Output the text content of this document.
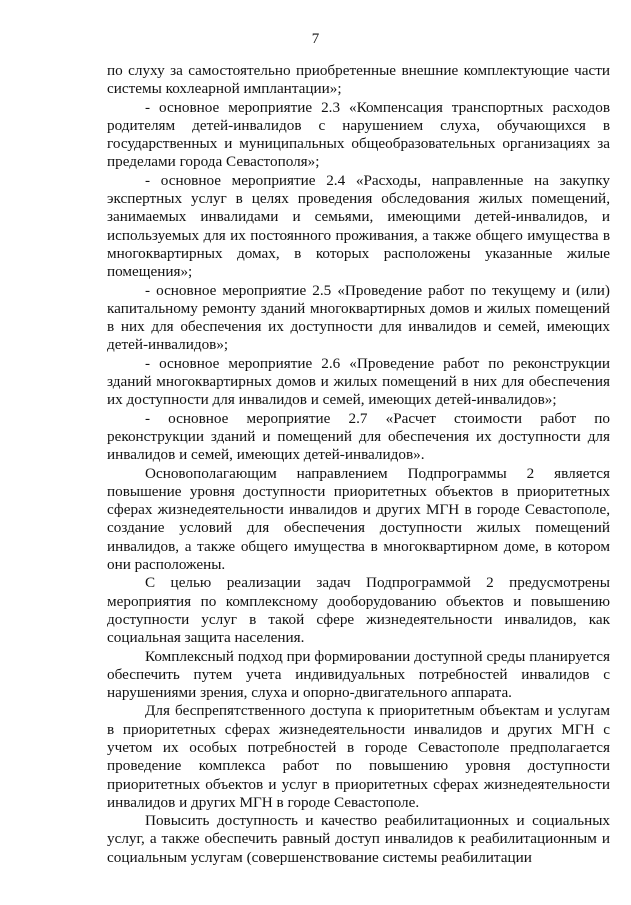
7

по слуху за самостоятельно приобретенные внешние комплектующие части системы кохлеарной имплантации»;

- основное мероприятие 2.3 «Компенсация транспортных расходов родителям детей-инвалидов с нарушением слуха, обучающихся в государственных и муниципальных общеобразовательных организациях за пределами города Севастополя»;

- основное мероприятие 2.4 «Расходы, направленные на закупку экспертных услуг в целях проведения обследования жилых помещений, занимаемых инвалидами и семьями, имеющими детей-инвалидов, и используемых для их постоянного проживания, а также общего имущества в многоквартирных домах, в которых расположены указанные жилые помещения»;

- основное мероприятие 2.5 «Проведение работ по текущему и (или) капитальному ремонту зданий многоквартирных домов и жилых помещений в них для обеспечения их доступности для инвалидов и семей, имеющих детей-инвалидов»;

- основное мероприятие 2.6 «Проведение работ по реконструкции зданий многоквартирных домов и жилых помещений в них для обеспечения их доступности для инвалидов и семей, имеющих детей-инвалидов»;

- основное мероприятие 2.7 «Расчет стоимости работ по реконструкции зданий и помещений для обеспечения их доступности для инвалидов и семей, имеющих детей-инвалидов».

Основополагающим направлением Подпрограммы 2 является повышение уровня доступности приоритетных объектов в приоритетных сферах жизнедеятельности инвалидов и других МГН в городе Севастополе, создание условий для обеспечения доступности жилых помещений инвалидов, а также общего имущества в многоквартирном доме, в котором они расположены.

С целью реализации задач Подпрограммой 2 предусмотрены мероприятия по комплексному дооборудованию объектов и повышению доступности услуг в такой сфере жизнедеятельности инвалидов, как социальная защита населения.

Комплексный подход при формировании доступной среды планируется обеспечить путем учета индивидуальных потребностей инвалидов с нарушениями зрения, слуха и опорно-двигательного аппарата.

Для беспрепятственного доступа к приоритетным объектам и услугам в приоритетных сферах жизнедеятельности инвалидов и других МГН с учетом их особых потребностей в городе Севастополе предполагается проведение комплекса работ по повышению уровня доступности приоритетных объектов и услуг в приоритетных сферах жизнедеятельности инвалидов и других МГН в городе Севастополе.

Повысить доступность и качество реабилитационных и социальных услуг, а также обеспечить равный доступ инвалидов к реабилитационным и социальным услугам (совершенствование системы реабилитации
